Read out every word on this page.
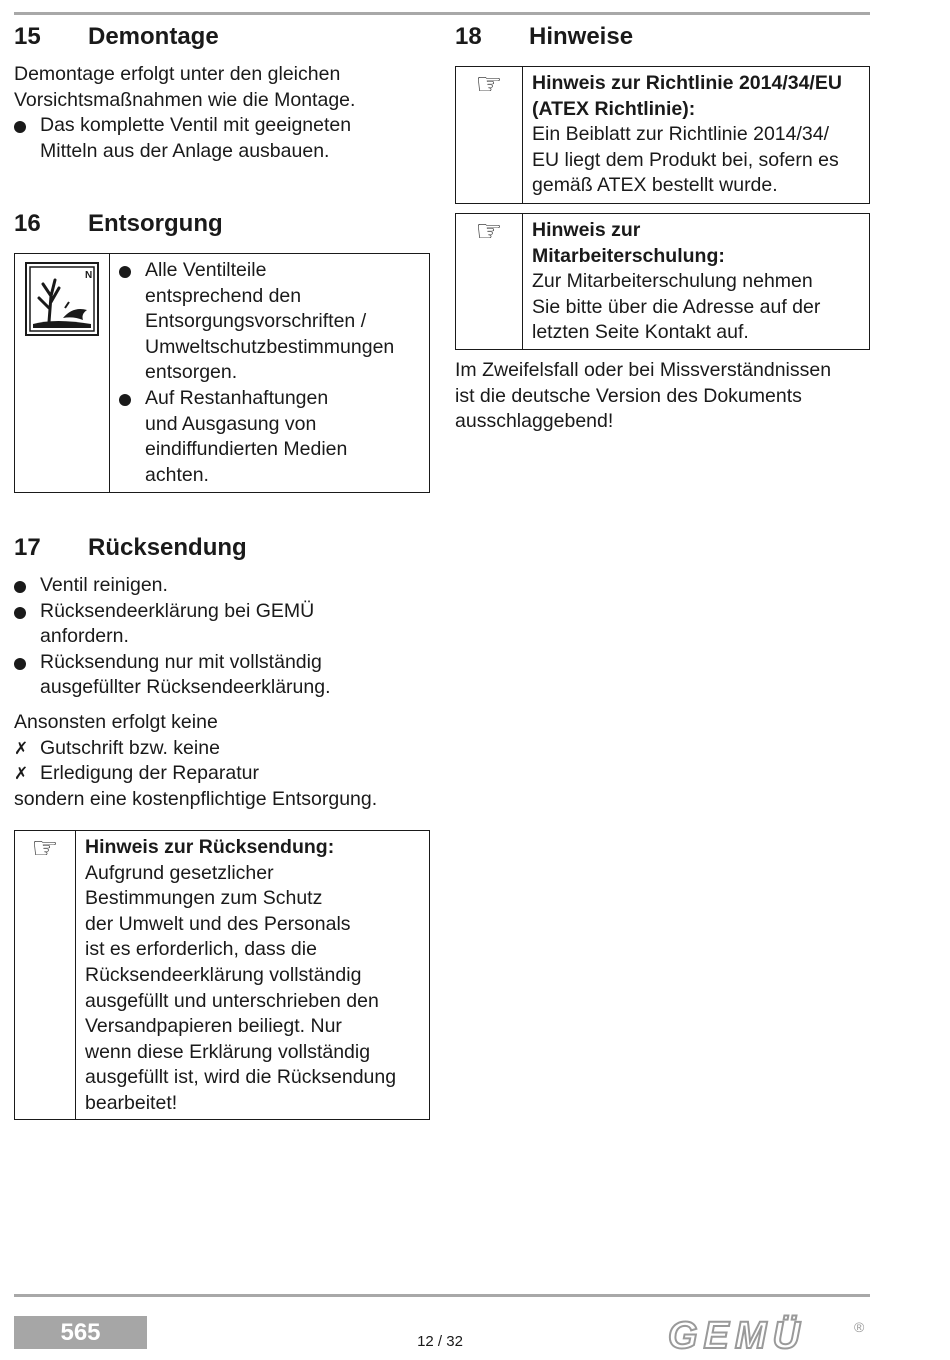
15	Demontage
Demontage erfolgt unter den gleichen
Vorsichtsmaßnahmen wie die Montage.
Das komplette Ventil mit geeigneten
Mitteln aus der Anlage ausbauen.
16	Entsorgung
N	Alle Ventilteile
entsprechend den
Entsorgungsvorschriften /
Umweltschutzbestimmungen
entsorgen.
Auf Restanhaftungen
und Ausgasung von
eindiffundierten Medien
achten.
17	Rücksendung
Ventil reinigen.
Rücksendeerklärung bei GEMÜ
anfordern.
Rücksendung nur mit vollständig
ausgefüllter Rücksendeerklärung.
Ansonsten erfolgt keine
✗ Gutschrift bzw. keine
✗ Erledigung der Reparatur
sondern eine kostenpflichtige Entsorgung.
☞	Hinweis zur Rücksendung:
Aufgrund gesetzlicher
Bestimmungen zum Schutz
der Umwelt und des Personals
ist es erforderlich, dass die
Rücksendeerklärung vollständig
ausgefüllt und unterschrieben den
Versandpapieren beiliegt. Nur
wenn diese Erklärung vollständig
ausgefüllt ist, wird die Rücksendung
bearbeitet!
18	Hinweise
☞	Hinweis zur Richtlinie 2014/34/EU
(ATEX Richtlinie):
Ein Beiblatt zur Richtlinie 2014/34/
EU liegt dem Produkt bei, sofern es
gemäß ATEX bestellt wurde.
☞	Hinweis zur
Mitarbeiterschulung:
Zur Mitarbeiterschulung nehmen
Sie bitte über die Adresse auf der
letzten Seite Kontakt auf.
Im Zweifelsfall oder bei Missverständnissen
ist die deutsche Version des Dokuments
ausschlaggebend!
565	12 / 32	GEMÜ	®
